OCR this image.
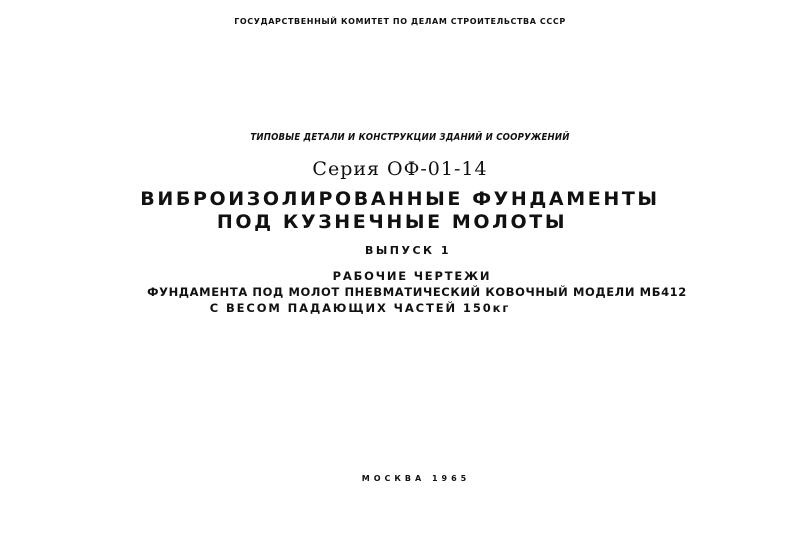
ГОСУДАРСТВЕННЫЙ КОМИТЕТ ПО ДЕЛАМ СТРОИТЕЛЬСТВА СССР
ТИПОВЫЕ ДЕТАЛИ И КОНСТРУКЦИИ ЗДАНИЙ И СООРУЖЕНИЙ
Серия ОФ-01-14
ВИБРОИЗОЛИРОВАННЫЕ ФУНДАМЕНТЫ
ПОД КУЗНЕЧНЫЕ МОЛОТЫ
ВЫПУСК 1
РАБОЧИЕ ЧЕРТЕЖИ
ФУНДАМЕНТА ПОД МОЛОТ ПНЕВМАТИЧЕСКИЙ КОВОЧНЫЙ МОДЕЛИ МБ412
С ВЕСОМ ПАДАЮЩИХ ЧАСТЕЙ 150кг
МОСКВА 1965
